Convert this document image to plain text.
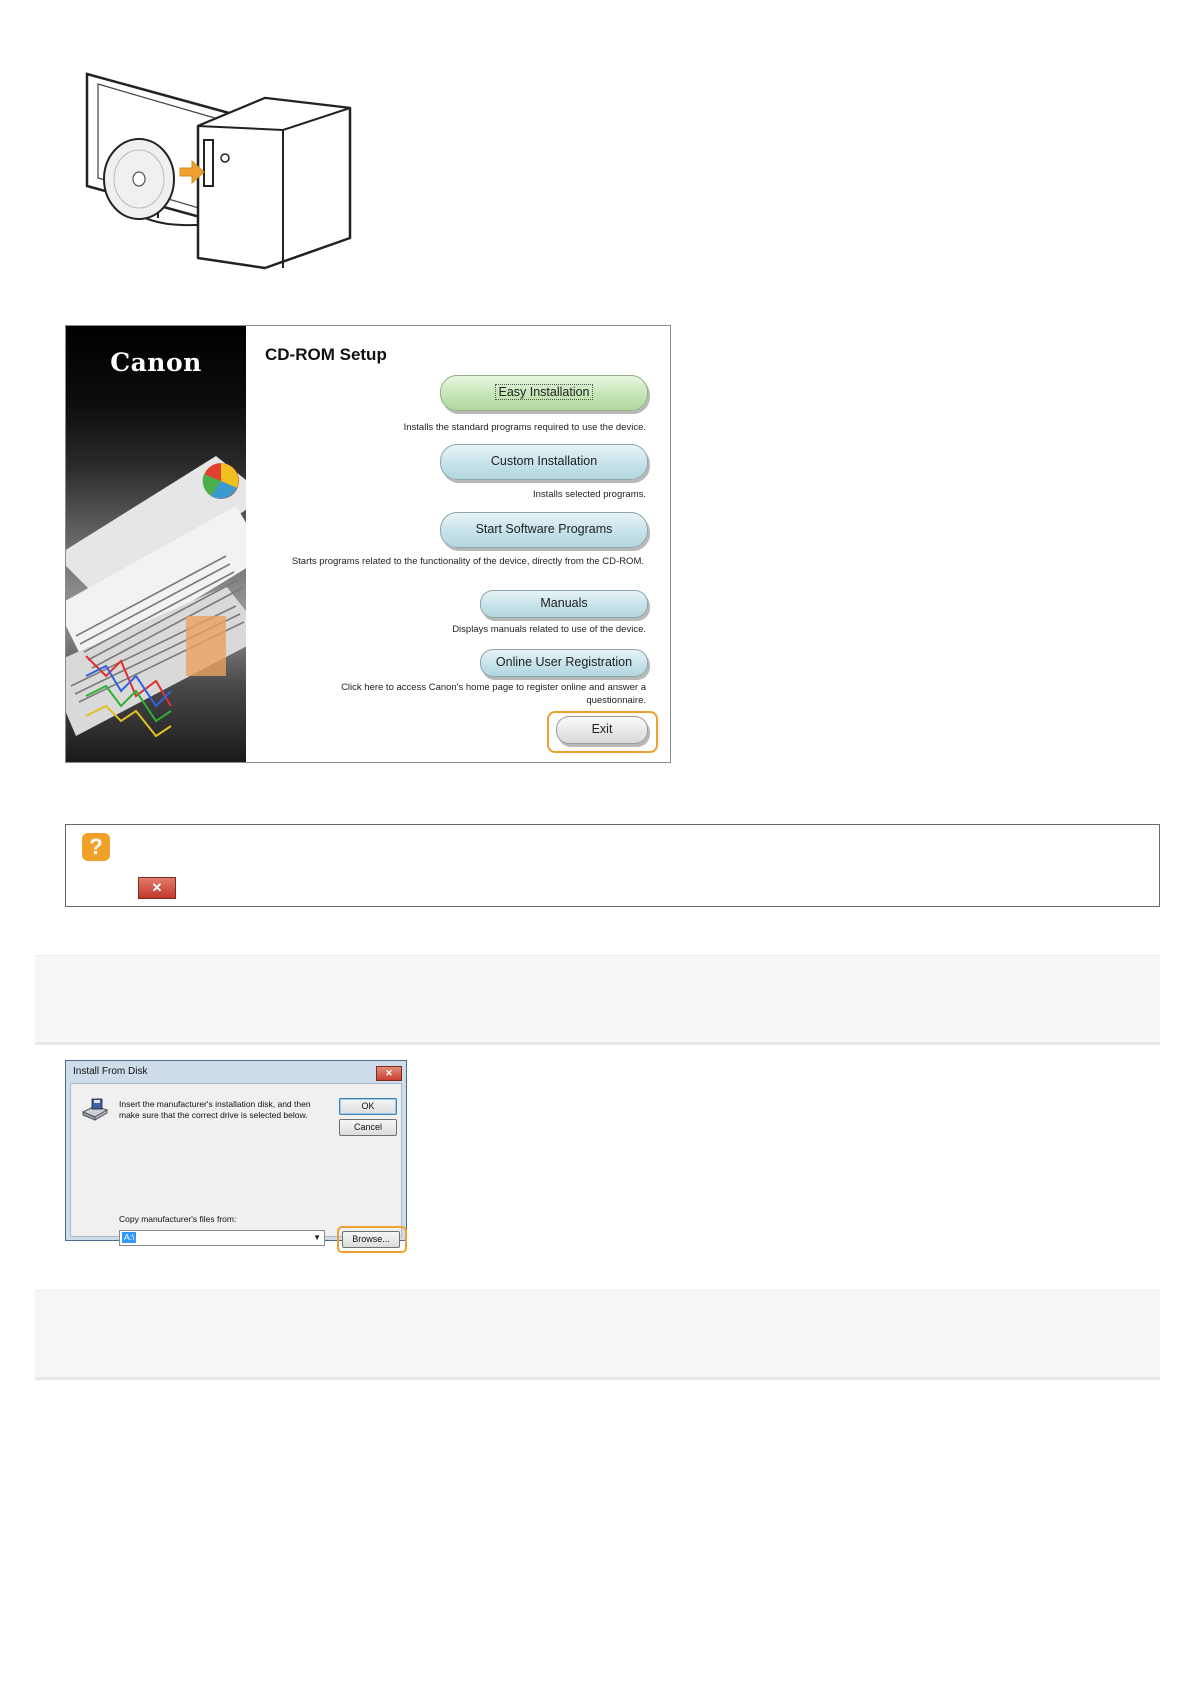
Canon	CD-ROM Setup
Easy Installation
Installs the standard programs required to use the device.
Custom Installation
Installs selected programs.
Start Software Programs
Starts programs related to the functionality of the device, directly from the CD-ROM.
Manuals
Displays manuals related to use of the device.
Online User Registration
Click here to access Canon's home page to register online and answer a
questionnaire.
Exit
?
✕
Install From Disk	✕
Insert the manufacturer's installation disk, and then make sure that the correct drive is selected below.
OK
Cancel
Copy manufacturer's files from:
A:\	▼	Browse...
